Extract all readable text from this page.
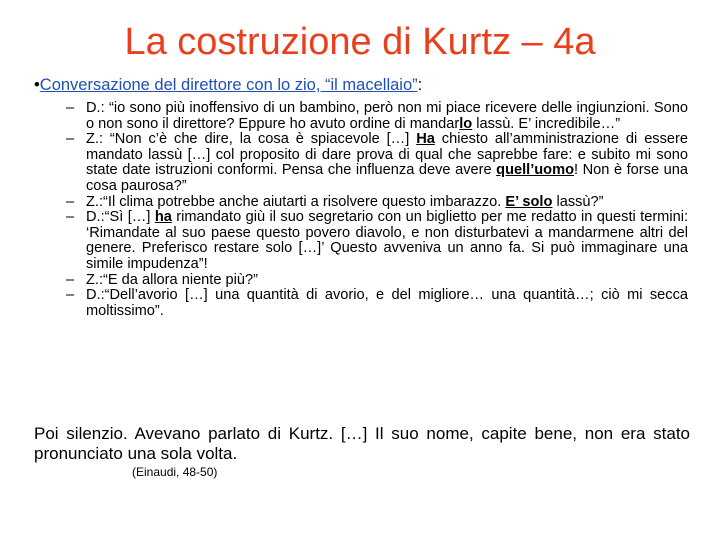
La costruzione di Kurtz – 4a
•Conversazione del direttore con lo zio, “il macellaio”:
– D.: “io sono più inoffensivo di un bambino, però non mi piace ricevere delle ingiunzioni. Sono o non sono il direttore? Eppure ho avuto ordine di mandarlo lassù. E’ incredibile…”
– Z.: “Non c’è che dire, la cosa è spiacevole […] Ha chiesto all’amministrazione di essere mandato lassù […] col proposito di dare prova di qual che saprebbe fare: e subito mi sono state date istruzioni conformi. Pensa che influenza deve avere quell’uomo! Non è forse una cosa paurosa?”
– Z.:“Il clima potrebbe anche aiutarti a risolvere questo imbarazzo. E’ solo lassù?”
– D.:“Sì […] ha rimandato giù il suo segretario con un biglietto per me redatto in questi termini: ‘Rimandate al suo paese questo povero diavolo, e non disturbatevi a mandarmene altri del genere. Preferisco restare solo […]’ Questo avveniva un anno fa. Si può immaginare una simile impudenza”!
– Z.:“E da allora niente più?”
– D.:“Dell’avorio […] una quantità di avorio, e del migliore… una quantità…; ciò mi secca moltissimo”.
Poi silenzio. Avevano parlato di Kurtz. […] Il suo nome, capite bene, non era stato pronunciato una sola volta.
(Einaudi, 48-50)
